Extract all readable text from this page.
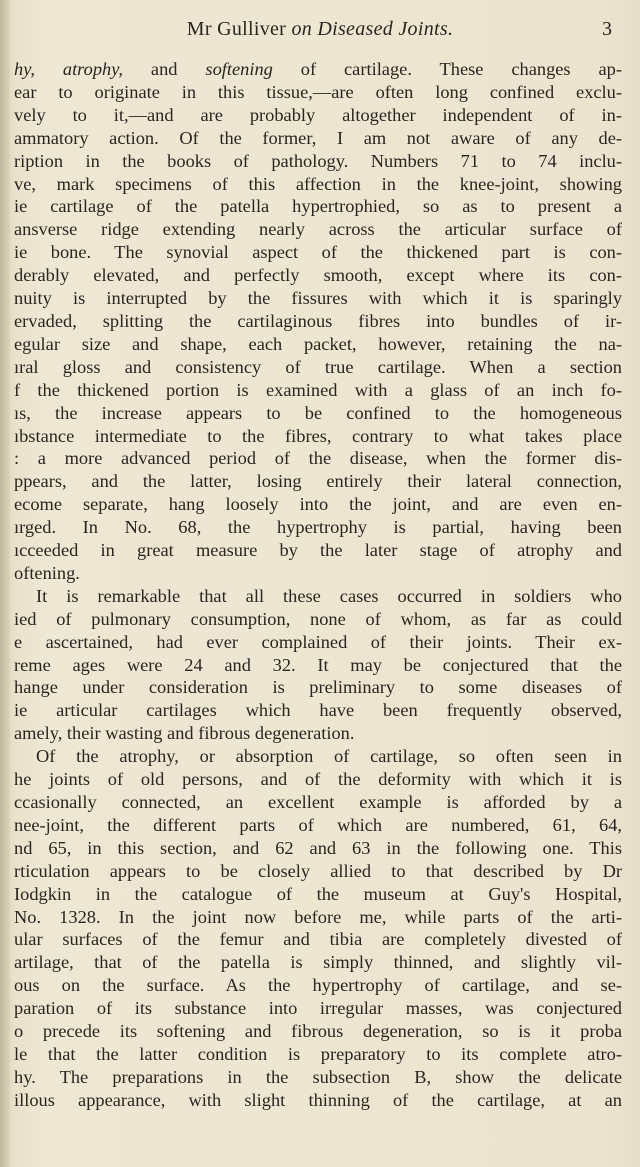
Mr Gulliver on Diseased Joints.	3
hy, atrophy, and softening of cartilage. These changes ap-
ear to originate in this tissue,—are often long confined exclu-
vely to it,—and are probably altogether independent of in-
ammatory action. Of the former, I am not aware of any de-
ription in the books of pathology. Numbers 71 to 74 inclu-
ve, mark specimens of this affection in the knee-joint, showing
ie cartilage of the patella hypertrophied, so as to present a
ansverse ridge extending nearly across the articular surface of
ie bone. The synovial aspect of the thickened part is con-
derably elevated, and perfectly smooth, except where its con-
nuity is interrupted by the fissures with which it is sparingly
ervaded, splitting the cartilaginous fibres into bundles of ir-
egular size and shape, each packet, however, retaining the na-
ıral gloss and consistency of true cartilage. When a section
f the thickened portion is examined with a glass of an inch fo-
ıs, the increase appears to be confined to the homogeneous
ıbstance intermediate to the fibres, contrary to what takes place
: a more advanced period of the disease, when the former dis-
ppears, and the latter, losing entirely their lateral connection,
ecome separate, hang loosely into the joint, and are even en-
ırged. In No. 68, the hypertrophy is partial, having been
ıcceeded in great measure by the later stage of atrophy and
oftening.
It is remarkable that all these cases occurred in soldiers who
ied of pulmonary consumption, none of whom, as far as could
e ascertained, had ever complained of their joints. Their ex-
reme ages were 24 and 32. It may be conjectured that the
hange under consideration is preliminary to some diseases of
ie articular cartilages which have been frequently observed,
amely, their wasting and fibrous degeneration.
Of the atrophy, or absorption of cartilage, so often seen in
he joints of old persons, and of the deformity with which it is
ccasionally connected, an excellent example is afforded by a
nee-joint, the different parts of which are numbered, 61, 64,
nd 65, in this section, and 62 and 63 in the following one. This
rticulation appears to be closely allied to that described by Dr
Iodgkin in the catalogue of the museum at Guy's Hospital,
No. 1328. In the joint now before me, while parts of the arti-
ular surfaces of the femur and tibia are completely divested of
artilage, that of the patella is simply thinned, and slightly vil-
ous on the surface. As the hypertrophy of cartilage, and se-
paration of its substance into irregular masses, was conjectured
o precede its softening and fibrous degeneration, so is it proba
le that the latter condition is preparatory to its complete atro-
hy. The preparations in the subsection B, show the delicate
illous appearance, with slight thinning of the cartilage, at an
